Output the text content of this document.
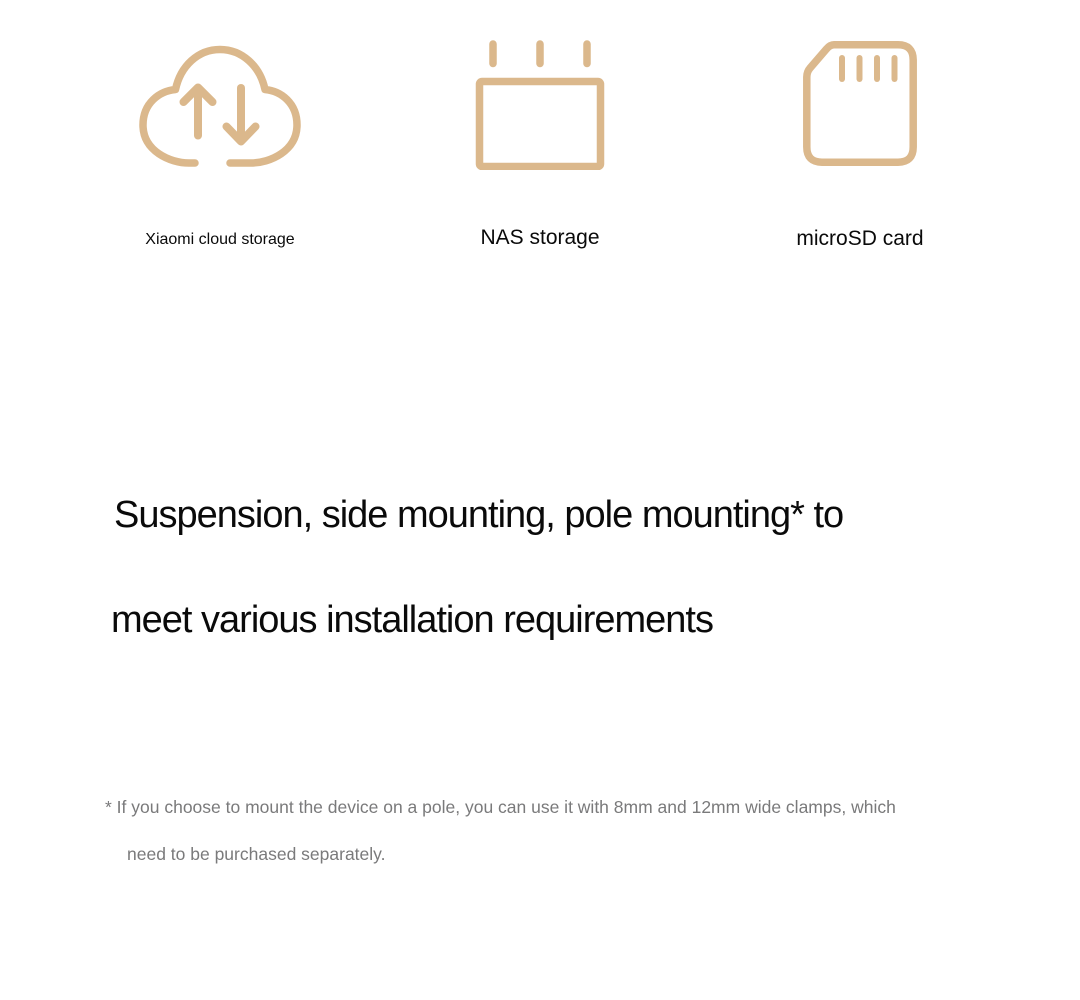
Xiaomi cloud storage	NAS storage	microSD card
Suspension, side mounting, pole mounting* to
meet various installation requirements
* If you choose to mount the device on a pole, you can use it with 8mm and 12mm wide clamps, which
need to be purchased separately.
